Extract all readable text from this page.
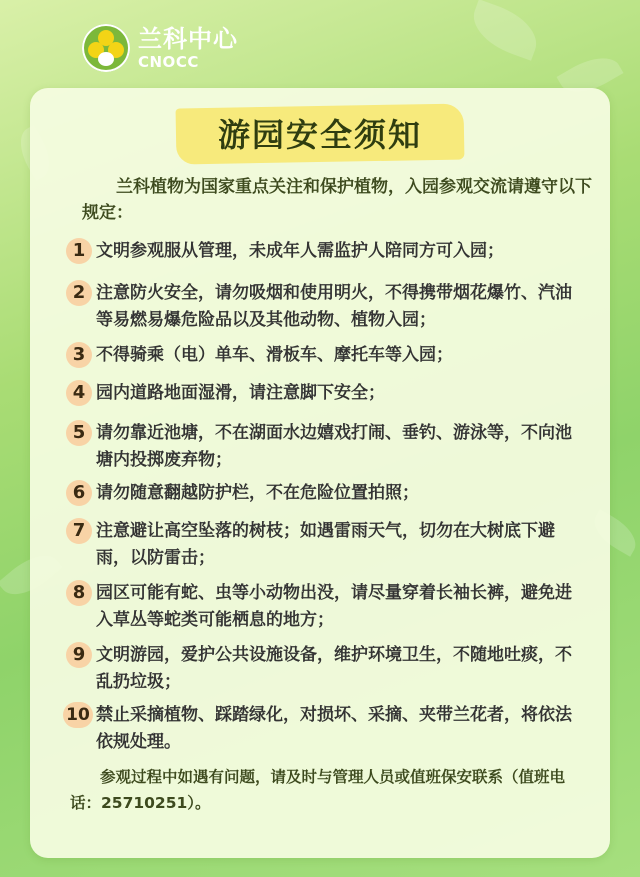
兰科中心
CNOCC
游园安全须知
兰科植物为国家重点关注和保护植物，入园参观交流请遵守以下规定：
1 文明参观服从管理，未成年人需监护人陪同方可入园；
2 注意防火安全，请勿吸烟和使用明火，不得携带烟花爆竹、汽油等易燃易爆危险品以及其他动物、植物入园；
3 不得骑乘（电）单车、滑板车、摩托车等入园；
4 园内道路地面湿滑，请注意脚下安全；
5 请勿靠近池塘，不在湖面水边嬉戏打闹、垂钓、游泳等，不向池塘内投掷废弃物；
6 请勿随意翻越防护栏，不在危险位置拍照；
7 注意避让高空坠落的树枝；如遇雷雨天气，切勿在大树底下避雨，以防雷击；
8 园区可能有蛇、虫等小动物出没，请尽量穿着长袖长裤，避免进入草丛等蛇类可能栖息的地方；
9 文明游园，爱护公共设施设备，维护环境卫生，不随地吐痰，不乱扔垃圾；
10 禁止采摘植物、踩踏绿化，对损坏、采摘、夹带兰花者，将依法依规处理。
参观过程中如遇有问题，请及时与管理人员或值班保安联系（值班电话：25710251）。
